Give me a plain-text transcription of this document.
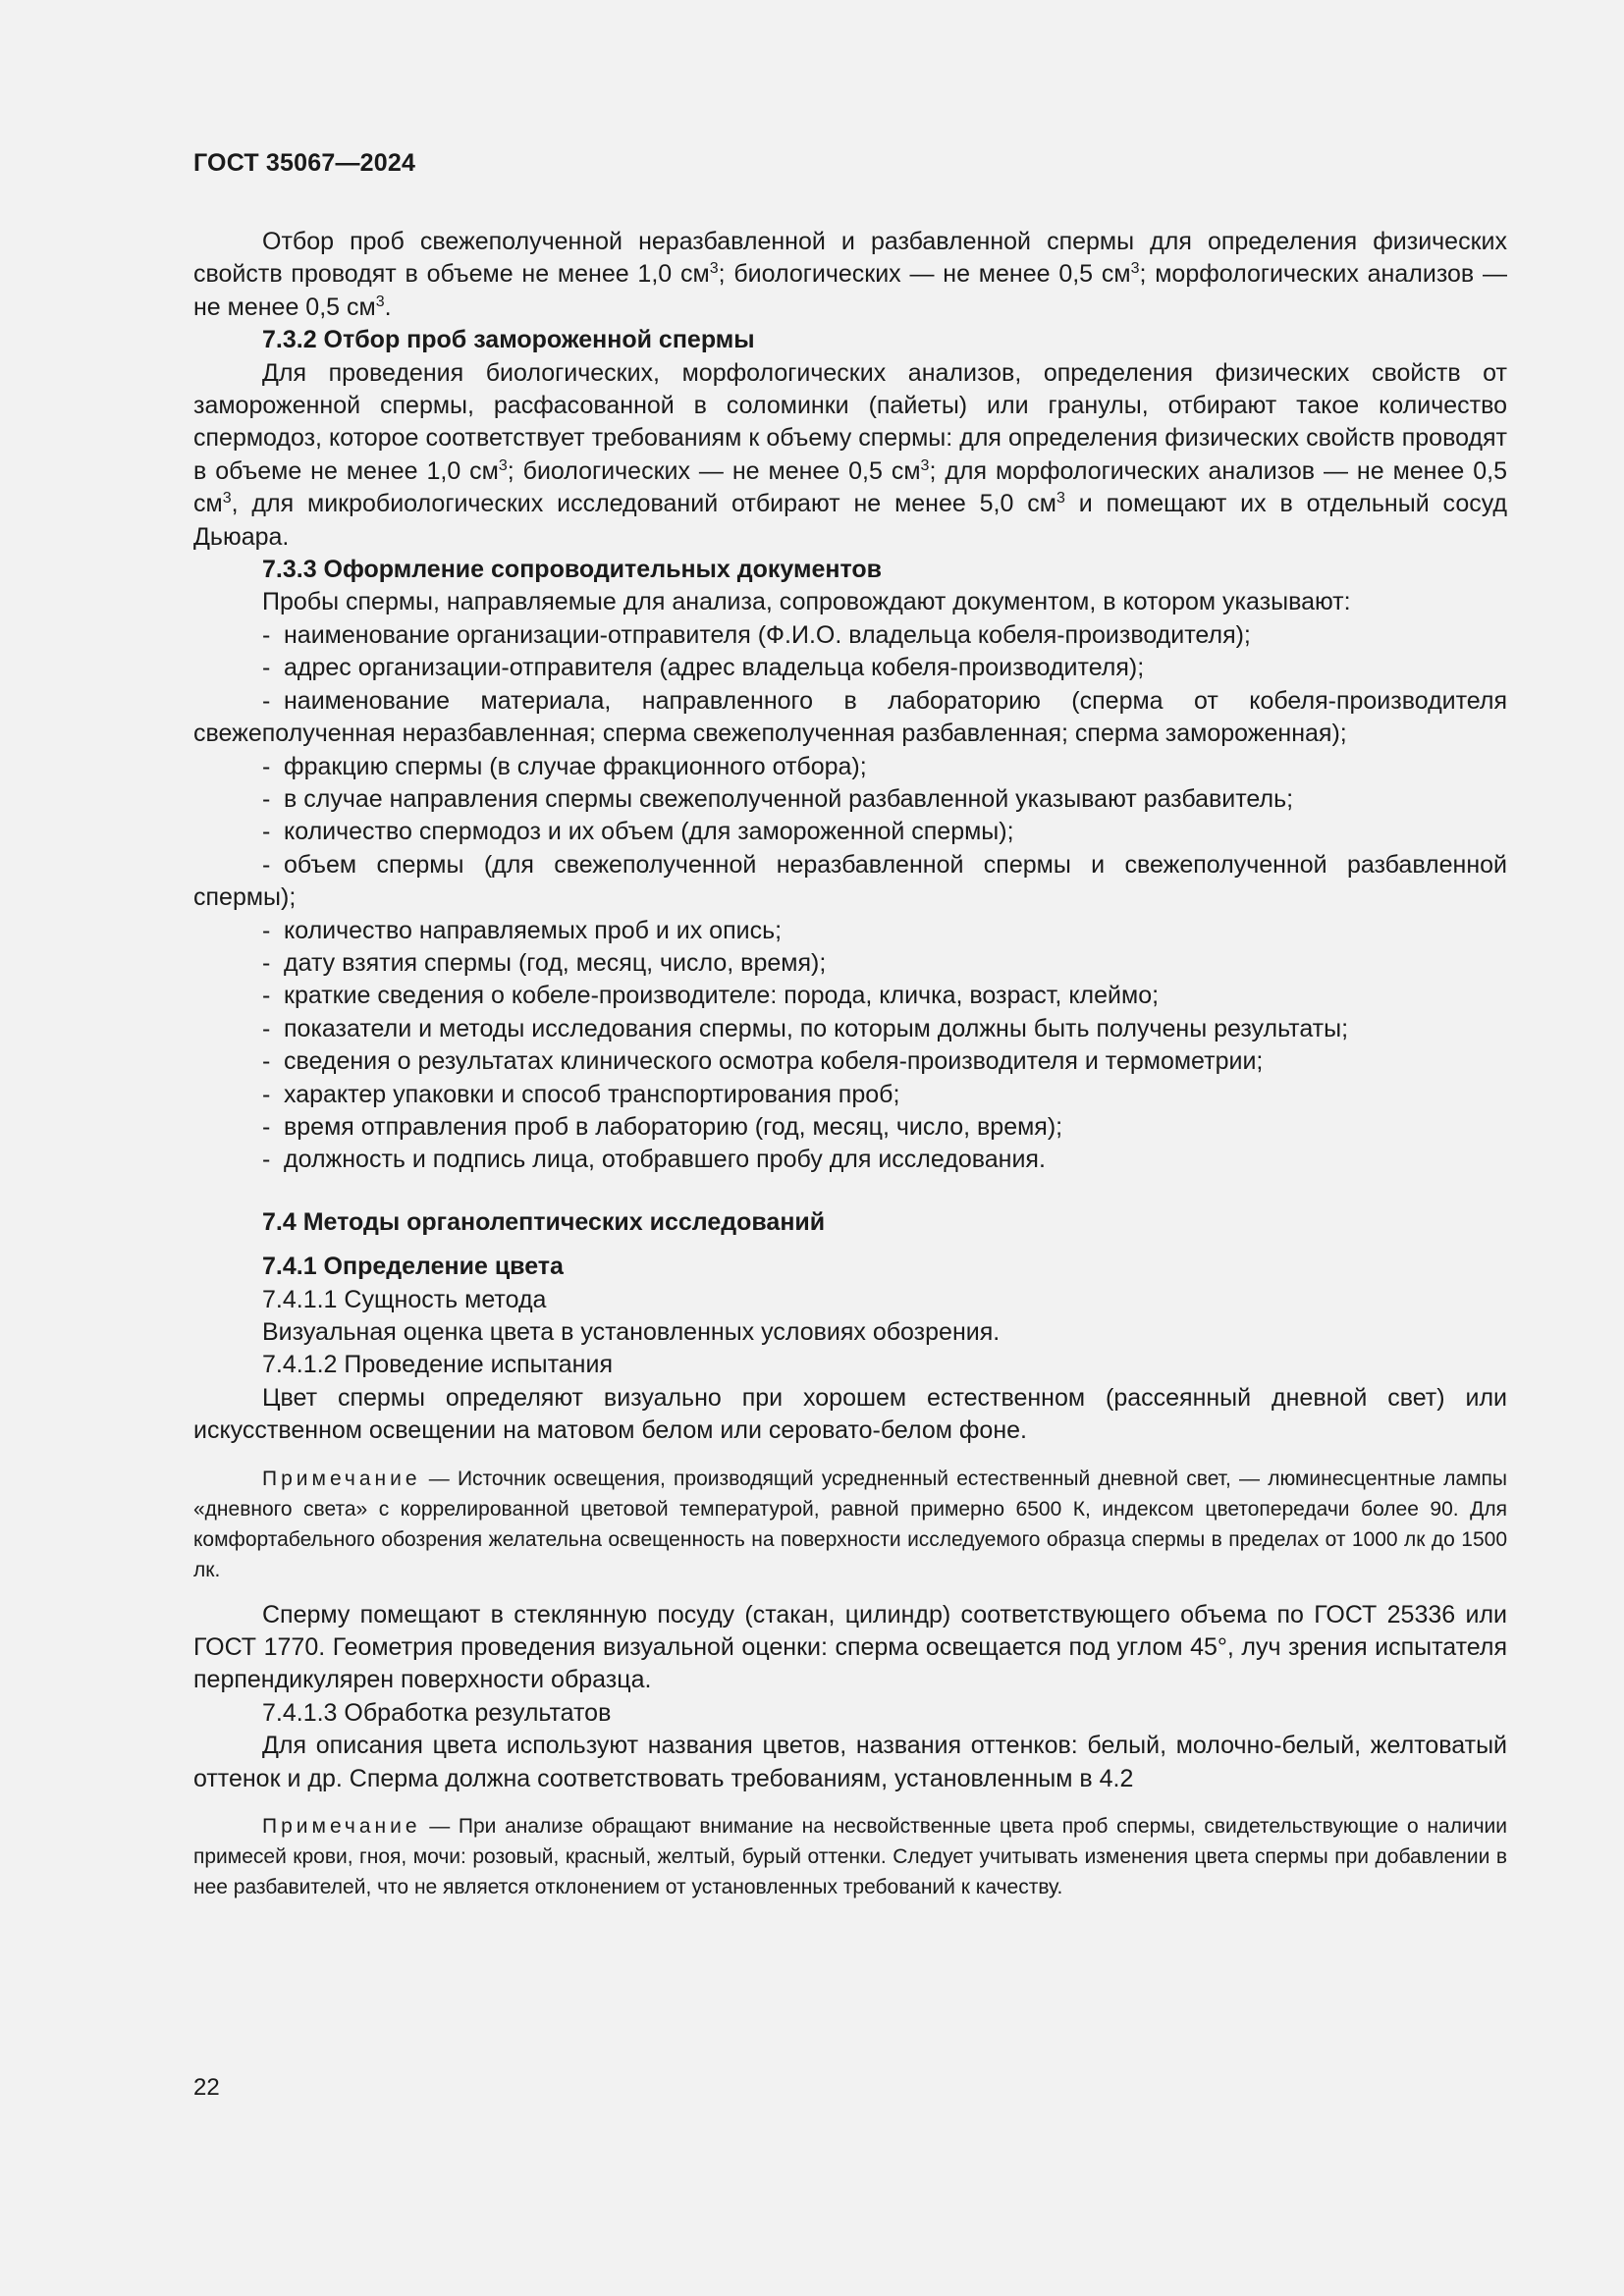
ГОСТ 35067—2024

Отбор проб свежеполученной неразбавленной и разбавленной спермы для определения физических свойств проводят в объеме не менее 1,0 $см^3$; биологических — не менее 0,5 $см^3$; морфологических анализов — не менее 0,5 $см^3$.

7.3.2 Отбор проб замороженной спермы

Для проведения биологических, морфологических анализов, определения физических свойств от замороженной спермы, расфасованной в соломинки (пайеты) или гранулы, отбирают такое количество спермодоз, которое соответствует требованиям к объему спермы: для определения физических свойств проводят в объеме не менее 1,0 $см^3$; биологических — не менее 0,5 $см^3$; для морфологических анализов — не менее 0,5 $см^3$, для микробиологических исследований отбирают не менее 5,0 $см^3$ и помещают их в отдельный сосуд Дьюара.

7.3.3 Оформление сопроводительных документов

Пробы спермы, направляемые для анализа, сопровождают документом, в котором указывают:

- наименование организации-отправителя (Ф.И.О. владельца кобеля-производителя);

- адрес организации-отправителя (адрес владельца кобеля-производителя);

- наименование материала, направленного в лабораторию (сперма от кобеля-производителя свежеполученная неразбавленная; сперма свежеполученная разбавленная; сперма замороженная);

- фракцию спермы (в случае фракционного отбора);

- в случае направления спермы свежеполученной разбавленной указывают разбавитель;

- количество спермодоз и их объем (для замороженной спермы);

- объем спермы (для свежеполученной неразбавленной спермы и свежеполученной разбавленной спермы);

- количество направляемых проб и их опись;

- дату взятия спермы (год, месяц, число, время);

- краткие сведения о кобеле-производителе: порода, кличка, возраст, клеймо;

- показатели и методы исследования спермы, по которым должны быть получены результаты;

- сведения о результатах клинического осмотра кобеля-производителя и термометрии;

- характер упаковки и способ транспортирования проб;

- время отправления проб в лабораторию (год, месяц, число, время);

- должность и подпись лица, отобравшего пробу для исследования.

7.4 Методы органолептических исследований

7.4.1 Определение цвета

7.4.1.1 Сущность метода

Визуальная оценка цвета в установленных условиях обозрения.

7.4.1.2 Проведение испытания

Цвет спермы определяют визуально при хорошем естественном (рассеянный дневной свет) или искусственном освещении на матовом белом или серовато-белом фоне.

Примечание — Источник освещения, производящий усредненный естественный дневной свет, — люминесцентные лампы «дневного света» с коррелированной цветовой температурой, равной примерно 6500 К, индексом цветопередачи более 90. Для комфортабельного обозрения желательна освещенность на поверхности исследуемого образца спермы в пределах от 1000 лк до 1500 лк.

Сперму помещают в стеклянную посуду (стакан, цилиндр) соответствующего объема по ГОСТ 25336 или ГОСТ 1770. Геометрия проведения визуальной оценки: сперма освещается под углом 45°, луч зрения испытателя перпендикулярен поверхности образца.

7.4.1.3 Обработка результатов

Для описания цвета используют названия цветов, названия оттенков: белый, молочно-белый, желтоватый оттенок и др. Сперма должна соответствовать требованиям, установленным в 4.2

Примечание — При анализе обращают внимание на несвойственные цвета проб спермы, свидетельствующие о наличии примесей крови, гноя, мочи: розовый, красный, желтый, бурый оттенки. Следует учитывать изменения цвета спермы при добавлении в нее разбавителей, что не является отклонением от установленных требований к качеству.

22
